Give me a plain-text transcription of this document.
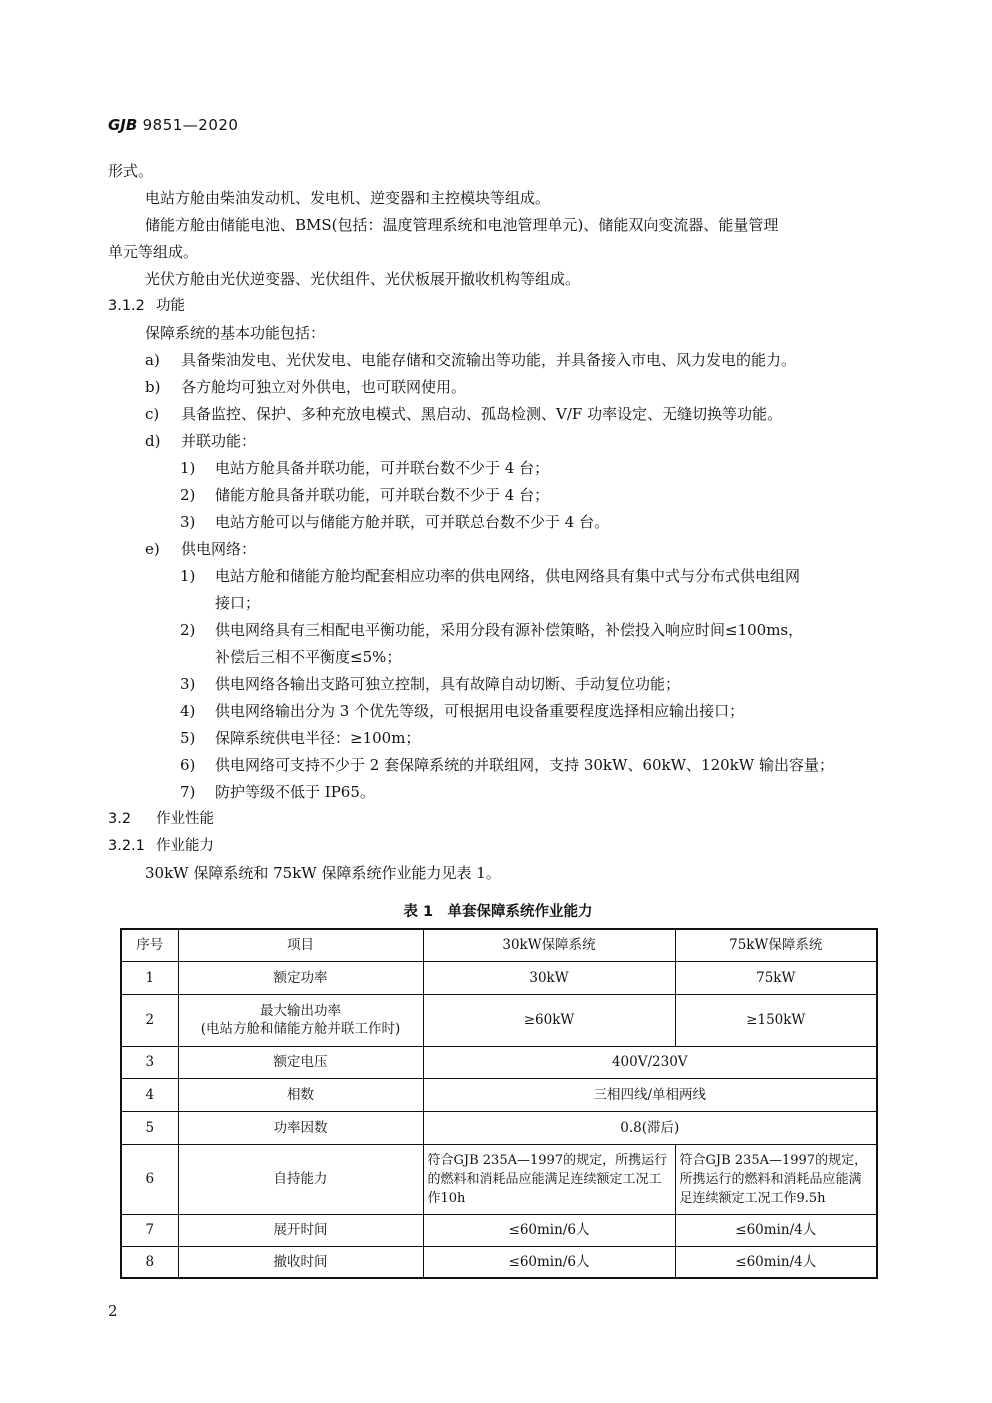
GJB 9851—2020
形式。
电站方舱由柴油发动机、发电机、逆变器和主控模块等组成。
储能方舱由储能电池、BMS(包括：温度管理系统和电池管理单元)、储能双向变流器、能量管理
单元等组成。
光伏方舱由光伏逆变器、光伏组件、光伏板展开撤收机构等组成。
3.1.2 功能
保障系统的基本功能包括：
a) 具备柴油发电、光伏发电、电能存储和交流输出等功能，并具备接入市电、风力发电的能力。
b) 各方舱均可独立对外供电，也可联网使用。
c) 具备监控、保护、多种充放电模式、黑启动、孤岛检测、V/F 功率设定、无缝切换等功能。
d) 并联功能：
1) 电站方舱具备并联功能，可并联台数不少于 4 台；
2) 储能方舱具备并联功能，可并联台数不少于 4 台；
3) 电站方舱可以与储能方舱并联，可并联总台数不少于 4 台。
e) 供电网络：
1) 电站方舱和储能方舱均配套相应功率的供电网络，供电网络具有集中式与分布式供电组网
接口；
2) 供电网络具有三相配电平衡功能，采用分段有源补偿策略，补偿投入响应时间≤100ms，
补偿后三相不平衡度≤5%；
3) 供电网络各输出支路可独立控制，具有故障自动切断、手动复位功能；
4) 供电网络输出分为 3 个优先等级，可根据用电设备重要程度选择相应输出接口；
5) 保障系统供电半径：≥100m；
6) 供电网络可支持不少于 2 套保障系统的并联组网，支持 30kW、60kW、120kW 输出容量；
7) 防护等级不低于 IP65。
3.2 作业性能
3.2.1 作业能力
30kW 保障系统和 75kW 保障系统作业能力见表 1。
表 1　单套保障系统作业能力
序号	项目	30kW保障系统	75kW保障系统
1	额定功率	30kW	75kW
2	最大输出功率
(电站方舱和储能方舱并联工作时)	≥60kW	≥150kW
3	额定电压	400V/230V	
4	相数	三相四线/单相两线	
5	功率因数	0.8(滞后)	
6	自持能力	符合GJB 235A—1997的规定，所携运行的燃料和消耗品应能满足连续额定工况工作10h	符合GJB 235A—1997的规定，所携运行的燃料和消耗品应能满足连续额定工况工作9.5h
7	展开时间	≤60min/6人	≤60min/4人
8	撤收时间	≤60min/6人	≤60min/4人
2
